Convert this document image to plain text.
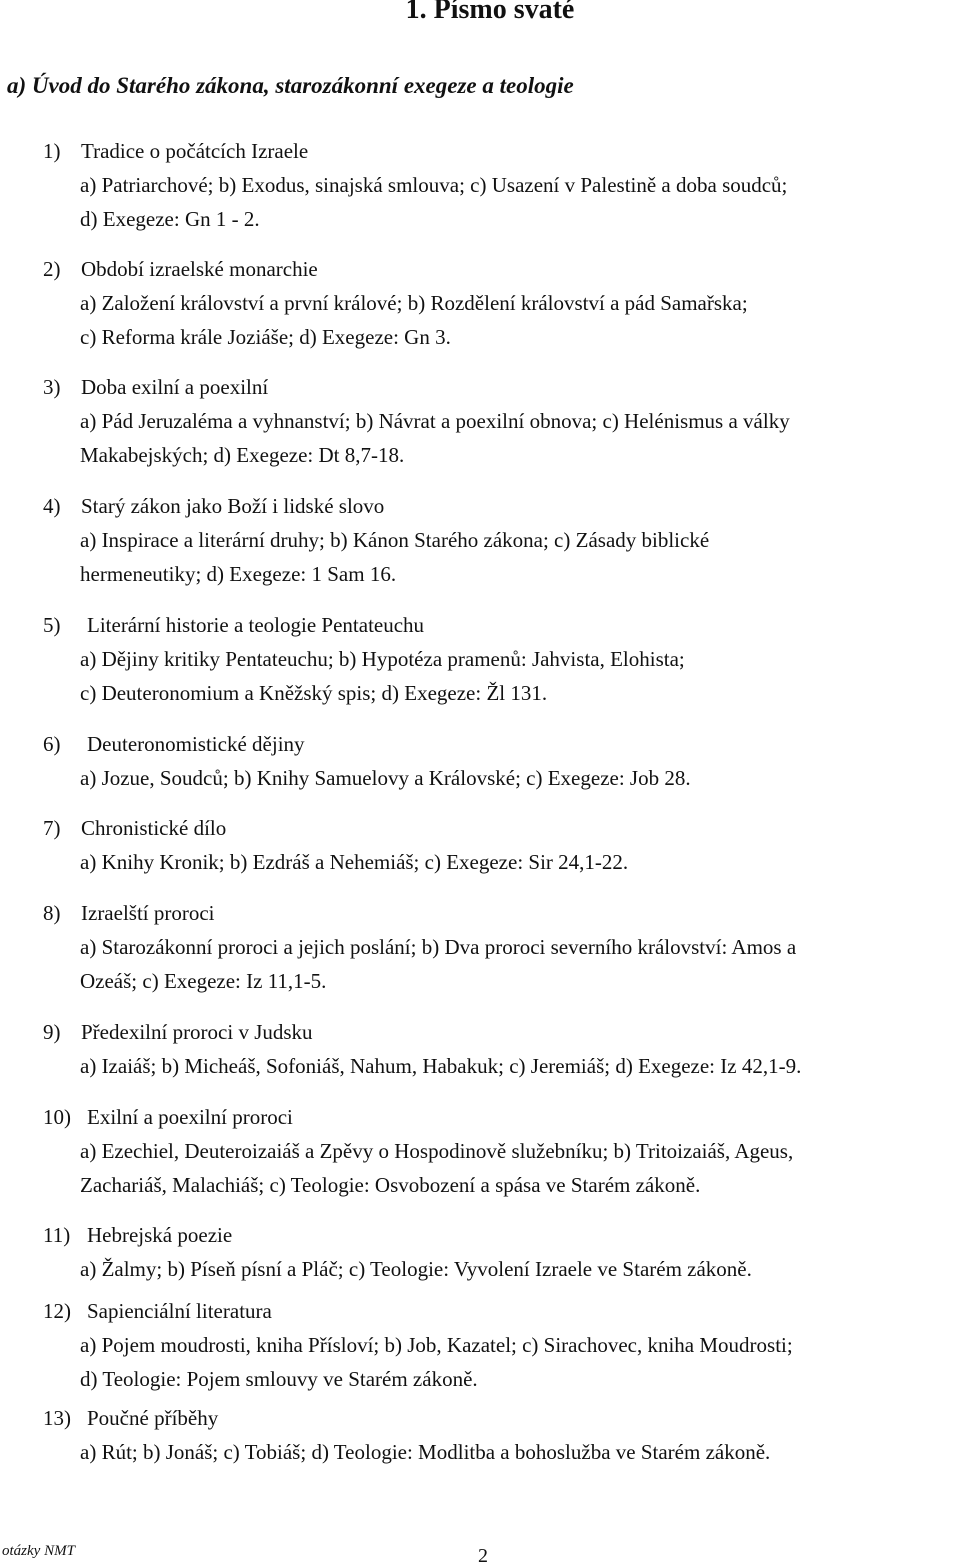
1. Písmo svaté
a) Úvod do Starého zákona, starozákonní exegeze a teologie
1) Tradice o počátcích Izraele
a) Patriarchové; b) Exodus, sinajská smlouva; c) Usazení v Palestině a doba soudců;
d) Exegeze: Gn 1 - 2.
2) Období izraelské monarchie
a) Založení království a první králové; b) Rozdělení království a pád Samařska;
c) Reforma krále Joziáše; d) Exegeze: Gn 3.
3) Doba exilní a poexilní
a) Pád Jeruzaléma a vyhnanství; b) Návrat a poexilní obnova; c) Helénismus a války
Makabejských; d) Exegeze: Dt 8,7-18.
4) Starý zákon jako Boží i lidské slovo
a) Inspirace a literární druhy; b) Kánon Starého zákona; c) Zásady biblické
hermeneutiky; d) Exegeze: 1 Sam 16.
5) Literární historie a teologie Pentateuchu
a) Dějiny kritiky Pentateuchu; b) Hypotéza pramenů: Jahvista, Elohista;
c) Deuteronomium a Kněžský spis; d) Exegeze: Žl 131.
6) Deuteronomistické dějiny
a) Jozue, Soudců; b) Knihy Samuelovy a Královské; c) Exegeze: Job 28.
7) Chronistické dílo
a) Knihy Kronik; b) Ezdráš a Nehemiáš; c) Exegeze: Sir 24,1-22.
8) Izraelští proroci
a) Starozákonní proroci a jejich poslání; b) Dva proroci severního království: Amos a
Ozeáš; c) Exegeze: Iz 11,1-5.
9) Předexilní proroci v Judsku
a) Izaiáš; b) Micheáš, Sofoniáš, Nahum, Habakuk; c) Jeremiáš; d) Exegeze: Iz 42,1-9.
10) Exilní a poexilní proroci
a) Ezechiel, Deuteroizaiáš a Zpěvy o Hospodinově služebníku; b) Tritoizaiáš, Ageus,
Zachariáš, Malachiáš; c) Teologie: Osvobození a spása ve Starém zákoně.
11) Hebrejská poezie
a) Žalmy; b) Píseň písní a Pláč; c) Teologie: Vyvolení Izraele ve Starém zákoně.
12) Sapienciální literatura
a) Pojem moudrosti, kniha Přísloví; b) Job, Kazatel; c) Sirachovec, kniha Moudrosti;
d) Teologie: Pojem smlouvy ve Starém zákoně.
13) Poučné příběhy
a) Rút; b) Jonáš; c) Tobiáš; d) Teologie: Modlitba a bohoslužba ve Starém zákoně.
otázky NMT	2
